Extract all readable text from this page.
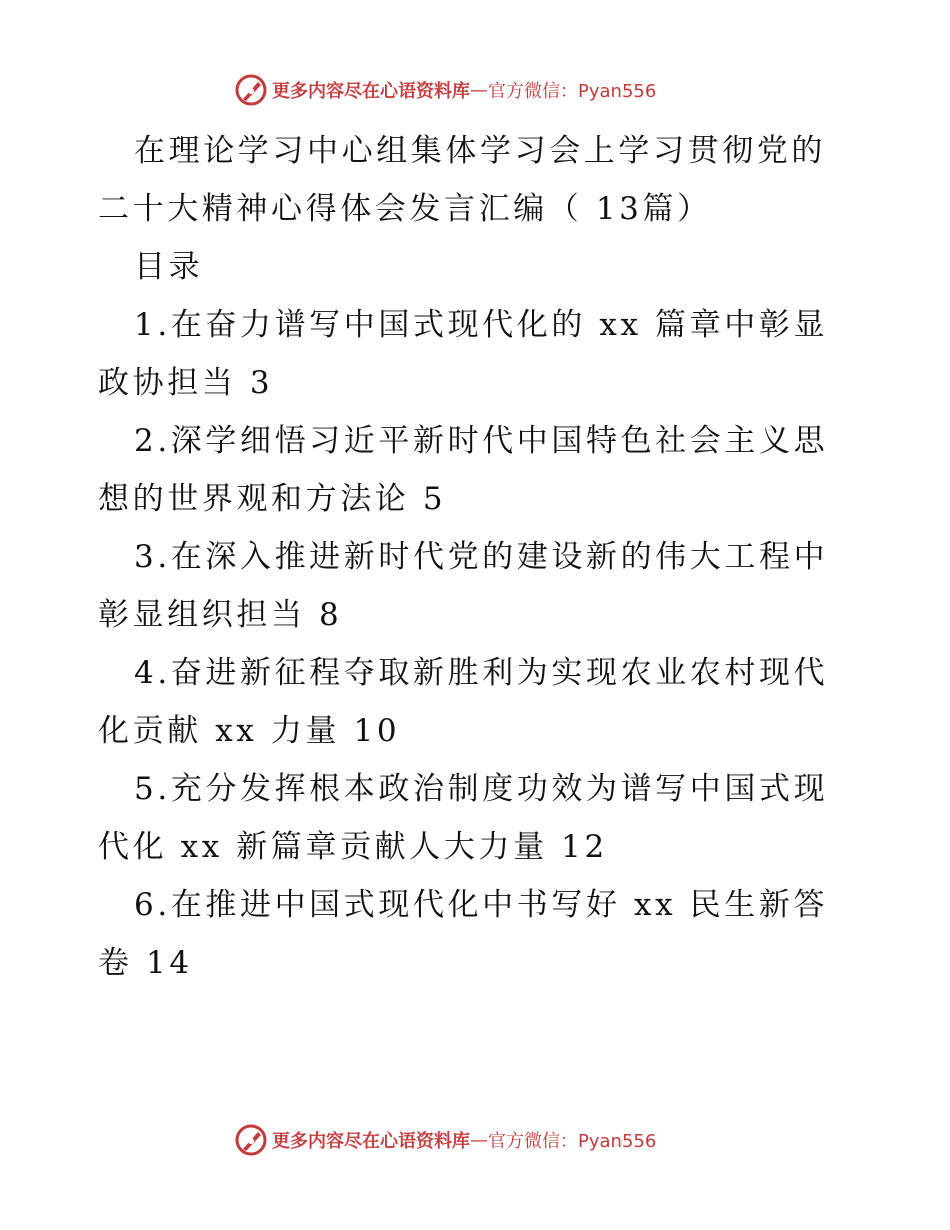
更多内容尽在心语资料库 — 官方微信：Pyan556

在理论学习中心组集体学习会上学习贯彻党的二十大精神心得体会发言汇编（ 13篇）

目录

1.在奋力谱写中国式现代化的 xx 篇章中彰显政协担当 3

2.深学细悟习近平新时代中国特色社会主义思想的世界观和方法论 5

3.在深入推进新时代党的建设新的伟大工程中彰显组织担当 8

4.奋进新征程夺取新胜利为实现农业农村现代化贡献 xx 力量 10

5.充分发挥根本政治制度功效为谱写中国式现代化 xx 新篇章贡献人大力量 12

6.在推进中国式现代化中书写好 xx 民生新答卷 14

更多内容尽在心语资料库 — 官方微信：Pyan556
